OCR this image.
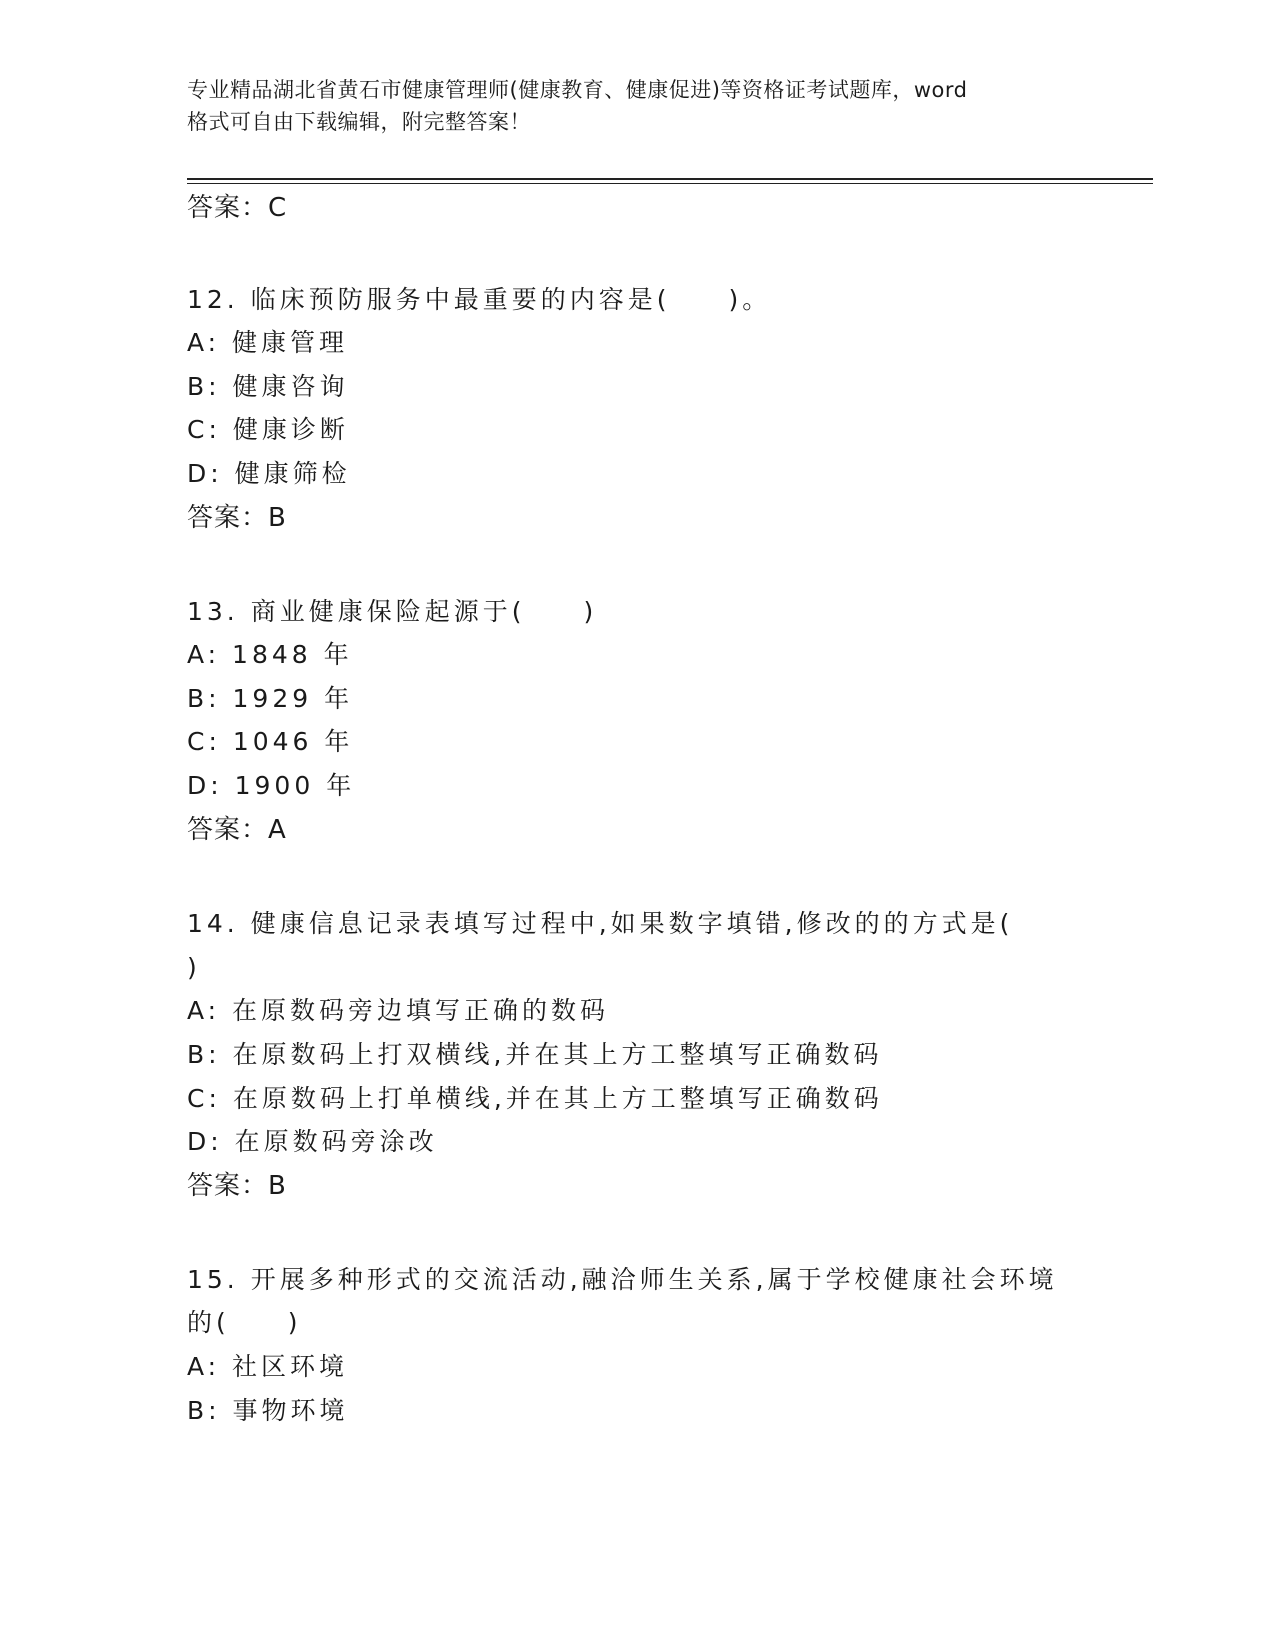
专业精品湖北省黄石市健康管理师(健康教育、健康促进)等资格证考试题库，word
格式可自由下载编辑，附完整答案！
答案：C
12. 临床预防服务中最重要的内容是(　　)。
A: 健康管理
B: 健康咨询
C: 健康诊断
D: 健康筛检
答案：B
13. 商业健康保险起源于(　　)
A: 1848 年
B: 1929 年
C: 1046 年
D: 1900 年
答案：A
14. 健康信息记录表填写过程中,如果数字填错,修改的的方式是(
)
A: 在原数码旁边填写正确的数码
B: 在原数码上打双横线,并在其上方工整填写正确数码
C: 在原数码上打单横线,并在其上方工整填写正确数码
D: 在原数码旁涂改
答案：B
15. 开展多种形式的交流活动,融洽师生关系,属于学校健康社会环境
的(　　)
A: 社区环境
B: 事物环境
